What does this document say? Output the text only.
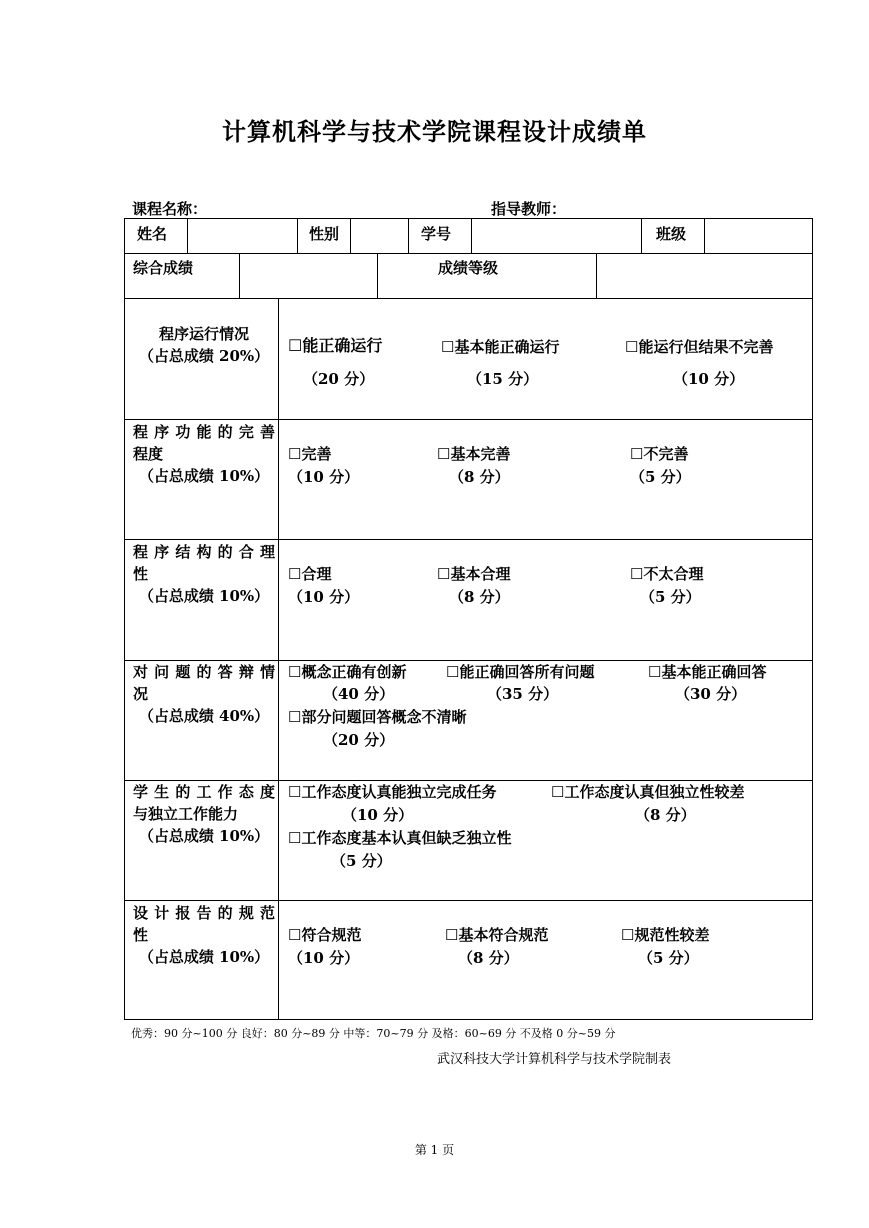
计算机科学与技术学院课程设计成绩单
课程名称：	指导教师：
姓名	性别	学号	班级
综合成绩	成绩等级
程序运行情况
（占总成绩 20%）
☐能正确运行	☐基本能正确运行	☐能运行但结果不完善
（20 分）	（15 分）	（10 分）
程序功能的完善
程度
（占总成绩 10%）
☐完善	☐基本完善	☐不完善
（10 分）	（8 分）	（5 分）
程序结构的合理
性
（占总成绩 10%）
☐合理	☐基本合理	☐不太合理
（10 分）	（8 分）	（5 分）
对问题的答辩情
况
（占总成绩 40%）
☐概念正确有创新	☐能正确回答所有问题	☐基本能正确回答
（40 分）	（35 分）	（30 分）
☐部分问题回答概念不清晰
（20 分）
学生的工作态度
与独立工作能力
（占总成绩 10%）
☐工作态度认真能独立完成任务	☐工作态度认真但独立性较差
（10 分）	（8 分）
☐工作态度基本认真但缺乏独立性
（5 分）
设计报告的规范
性
（占总成绩 10%）
☐符合规范	☐基本符合规范	☐规范性较差
（10 分）	（8 分）	（5 分）
优秀：90 分~100 分 良好：80 分~89 分 中等：70~79 分 及格：60~69 分 不及格 0 分~59 分
武汉科技大学计算机科学与技术学院制表
第 1 页
